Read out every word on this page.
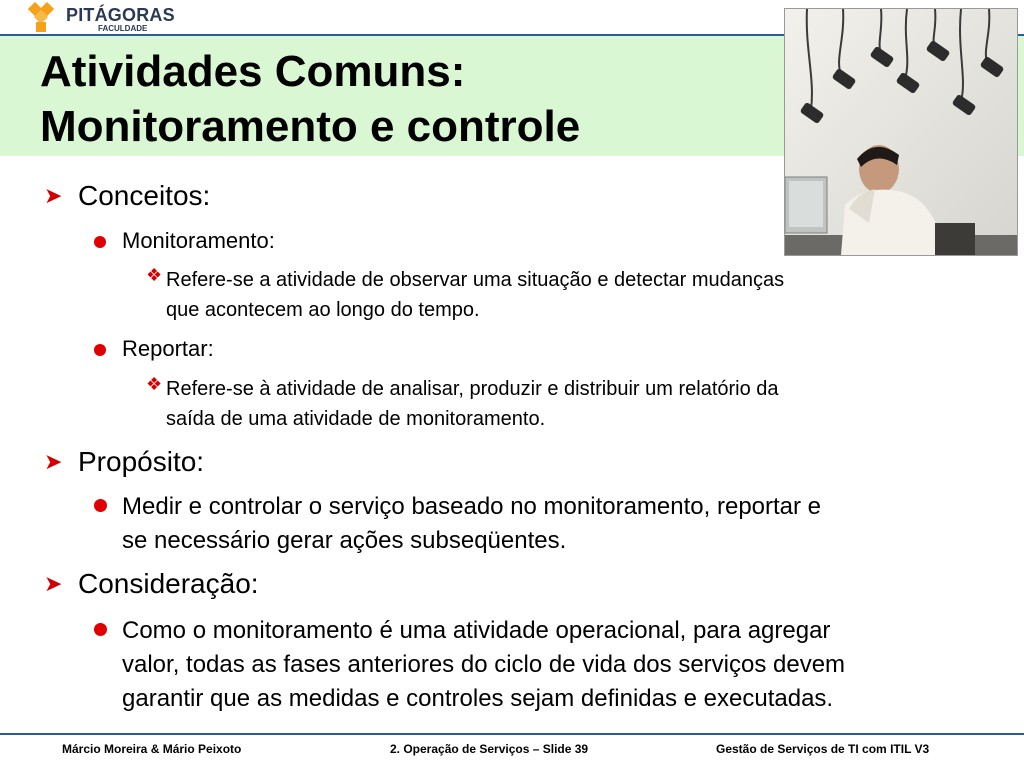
PITÁGORAS
FACULDADE
Atividades Comuns:
Monitoramento e controle
➤ Conceitos:
Monitoramento:
❖ Refere-se a atividade de observar uma situação e detectar mudanças
que acontecem ao longo do tempo.
Reportar:
❖ Refere-se à atividade de analisar, produzir e distribuir um relatório da
saída de uma atividade de monitoramento.
➤ Propósito:
Medir e controlar o serviço baseado no monitoramento, reportar e
se necessário gerar ações subseqüentes.
➤ Consideração:
Como o monitoramento é uma atividade operacional, para agregar
valor, todas as fases anteriores do ciclo de vida dos serviços devem
garantir que as medidas e controles sejam definidas e executadas.
Márcio Moreira & Mário Peixoto	2. Operação de Serviços – Slide 39	Gestão de Serviços de TI com ITIL V3
